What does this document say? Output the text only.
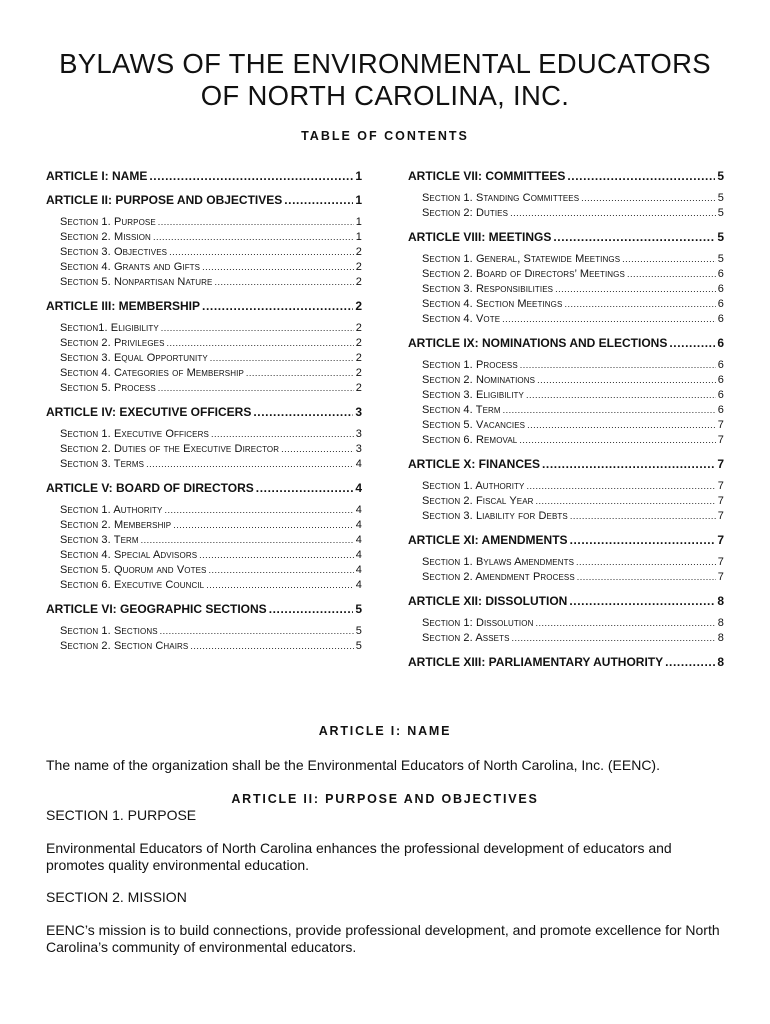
BYLAWS OF THE ENVIRONMENTAL EDUCATORS
OF NORTH CAROLINA, INC.
TABLE OF CONTENTS
ARTICLE I: NAME .....	1
ARTICLE II: PURPOSE AND OBJECTIVES .....	1
Section 1. Purpose .....	1
Section 2. Mission .....	1
Section 3. Objectives .....	2
Section 4. Grants and Gifts .....	2
Section 5. Nonpartisan Nature .....	2
ARTICLE III: MEMBERSHIP .....	2
Section1. Eligibility .....	2
Section 2. Privileges .....	2
Section 3. Equal Opportunity .....	2
Section 4. Categories of Membership .....	2
Section 5. Process .....	2
ARTICLE IV: EXECUTIVE OFFICERS .....	3
Section 1. Executive Officers .....	3
Section 2. Duties of the Executive Director .....	3
Section 3. Terms .....	4
ARTICLE V: BOARD OF DIRECTORS .....	4
Section 1. Authority .....	4
Section 2. Membership .....	4
Section 3. Term .....	4
Section 4. Special Advisors .....	4
Section 5. Quorum and Votes .....	4
Section 6. Executive Council .....	4
ARTICLE VI: GEOGRAPHIC SECTIONS .....	5
Section 1. Sections .....	5
Section 2. Section Chairs .....	5
ARTICLE VII: COMMITTEES .....	5
Section 1. Standing Committees .....	5
Section 2: Duties .....	5
ARTICLE VIII: MEETINGS .....	5
Section 1. General, Statewide Meetings .....	5
Section 2. Board of Directors’ Meetings .....	6
Section 3. Responsibilities .....	6
Section 4. Section Meetings .....	6
Section 4. Vote .....	6
ARTICLE IX: NOMINATIONS AND ELECTIONS .....	6
Section 1. Process .....	6
Section 2. Nominations .....	6
Section 3. Eligibility .....	6
Section 4. Term .....	6
Section 5. Vacancies .....	7
Section 6. Removal .....	7
ARTICLE X: FINANCES .....	7
Section 1. Authority .....	7
Section 2. Fiscal Year .....	7
Section 3. Liability for Debts .....	7
ARTICLE XI: AMENDMENTS .....	7
Section 1. Bylaws Amendments .....	7
Section 2. Amendment Process .....	7
ARTICLE XII: DISSOLUTION .....	8
Section 1: Dissolution .....	8
Section 2. Assets .....	8
ARTICLE XIII: PARLIAMENTARY AUTHORITY .....	8
ARTICLE I: NAME

The name of the organization shall be the Environmental Educators of North Carolina, Inc. (EENC).

ARTICLE II: PURPOSE AND OBJECTIVES

SECTION 1. PURPOSE

Environmental Educators of North Carolina enhances the professional development of educators and promotes quality environmental education.

SECTION 2. MISSION

EENC’s mission is to build connections, provide professional development, and promote excellence for North Carolina’s community of environmental educators.
